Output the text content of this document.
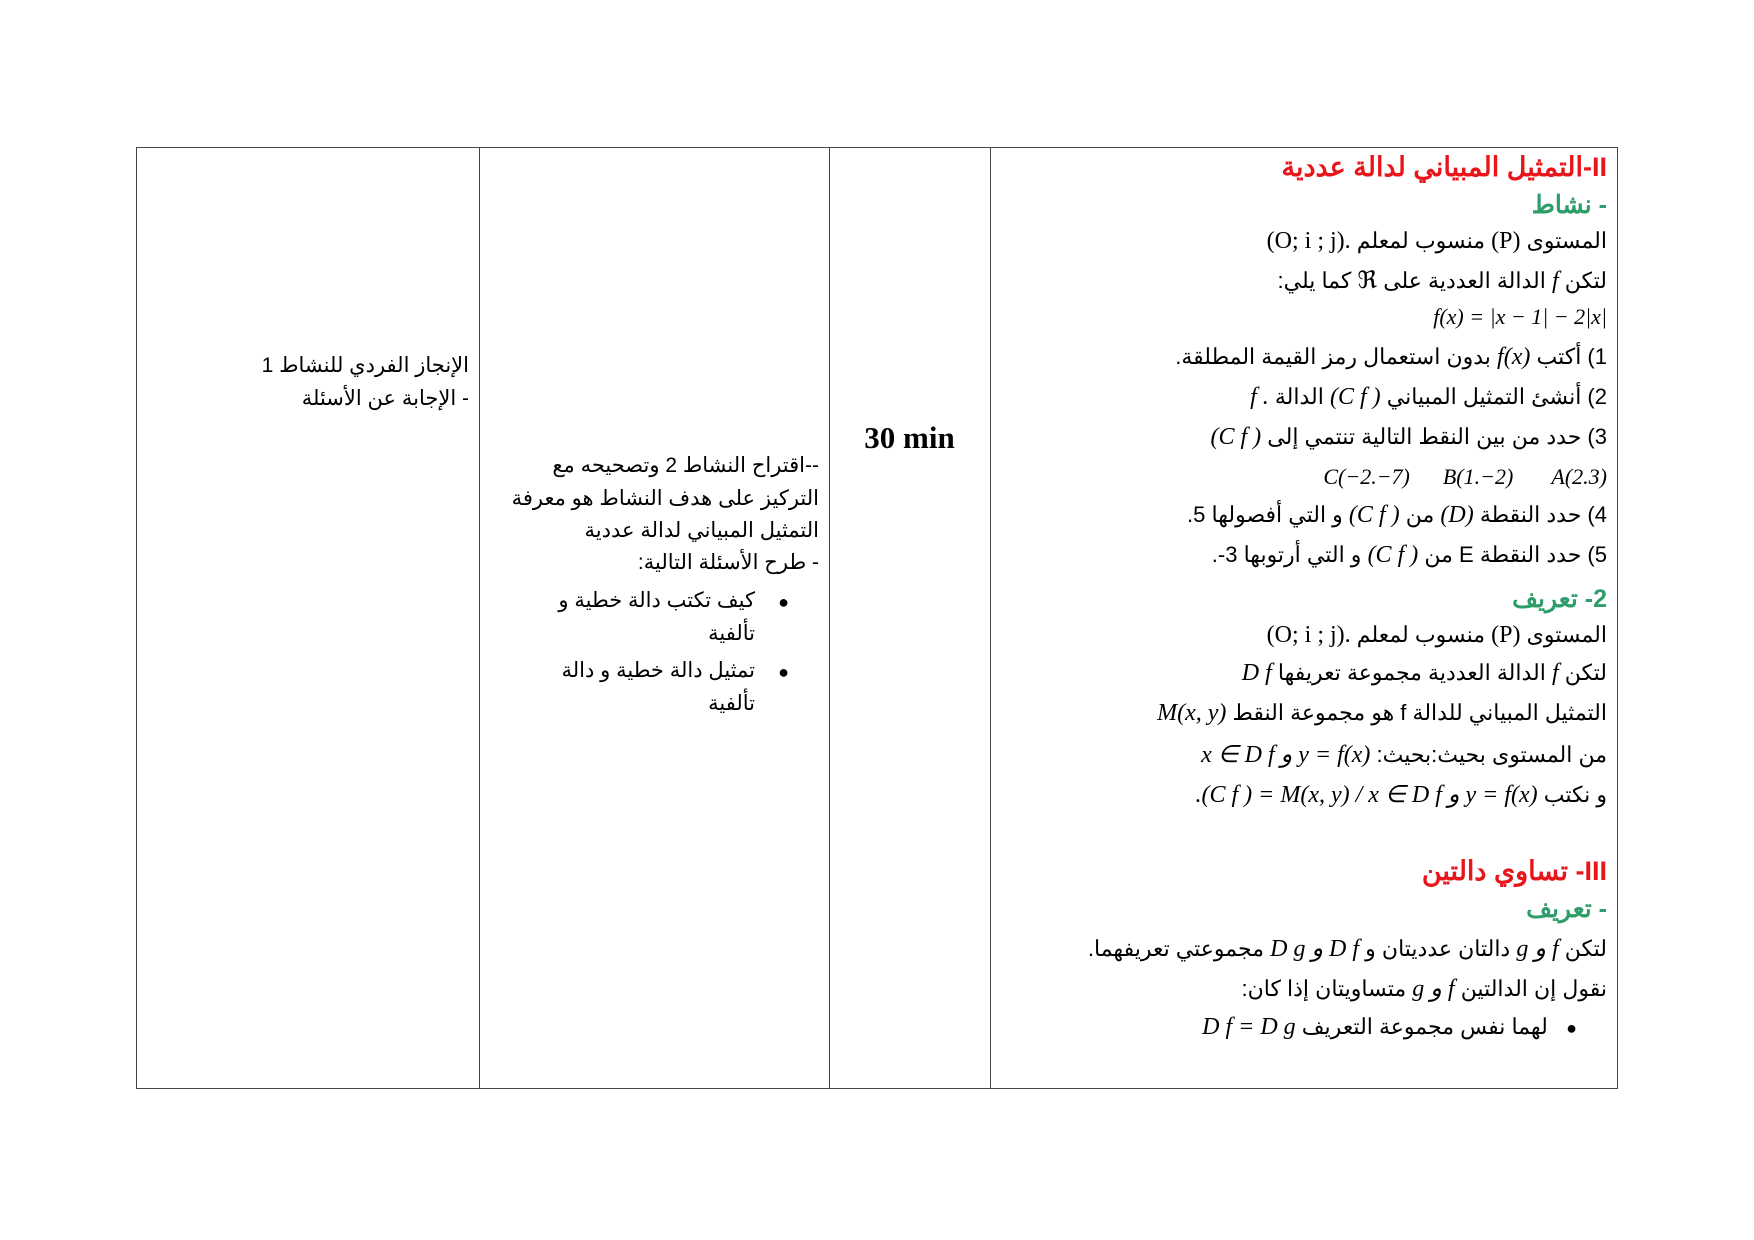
الإنجاز الفردي للنشاط 1
- الإجابة عن الأسئلة
--اقتراح النشاط 2 وتصحيحه مع
التركيز على هدف النشاط هو معرفة
التمثيل المبياني لدالة عددية
- طرح الأسئلة التالية:
كيف تكتب دالة خطية و ●
تألفية
تمثيل دالة خطية و دالة ●
تألفية
30 min
II-التمثيل المبياني لدالة عددية
- نشاط
المستوى (P) منسوب لمعلم (O; i ; j).
لتكن f الدالة العددية على ℜ كما يلي:
f(x) = |x − 1| − 2|x|
1) أكتب f(x) بدون استعمال رمز القيمة المطلقة.
2) أنشئ التمثيل المبياني (C f ) الدالة f .
3) حدد من بين النقط التالية تنتمي إلى (C f )
C(−2.−7)      B(1.−2)       A(2.3)
4) حدد النقطة (D) من (C f ) و التي أفصولها 5.
5) حدد النقطة E من (C f ) و التي أرتوبها 3-.
2- تعريف
المستوى (P) منسوب لمعلم (O; i ; j).
لتكن f الدالة العددية مجموعة تعريفها D f
التمثيل المبياني للدالة f هو مجموعة النقط M(x, y)
من المستوى بحيث:بحيث: y = f(x) و x ∈ D f
و نكتب .(C f ) = M(x, y) / x ∈ D f و y = f(x)
III- تساوي دالتين
- تعريف
لتكن f و g دالتان عدديتان و D f و D g مجموعتي تعريفهما.
نقول إن الدالتين f و g متساويتان إذا كان:
●   لهما نفس مجموعة التعريف D f = D g
